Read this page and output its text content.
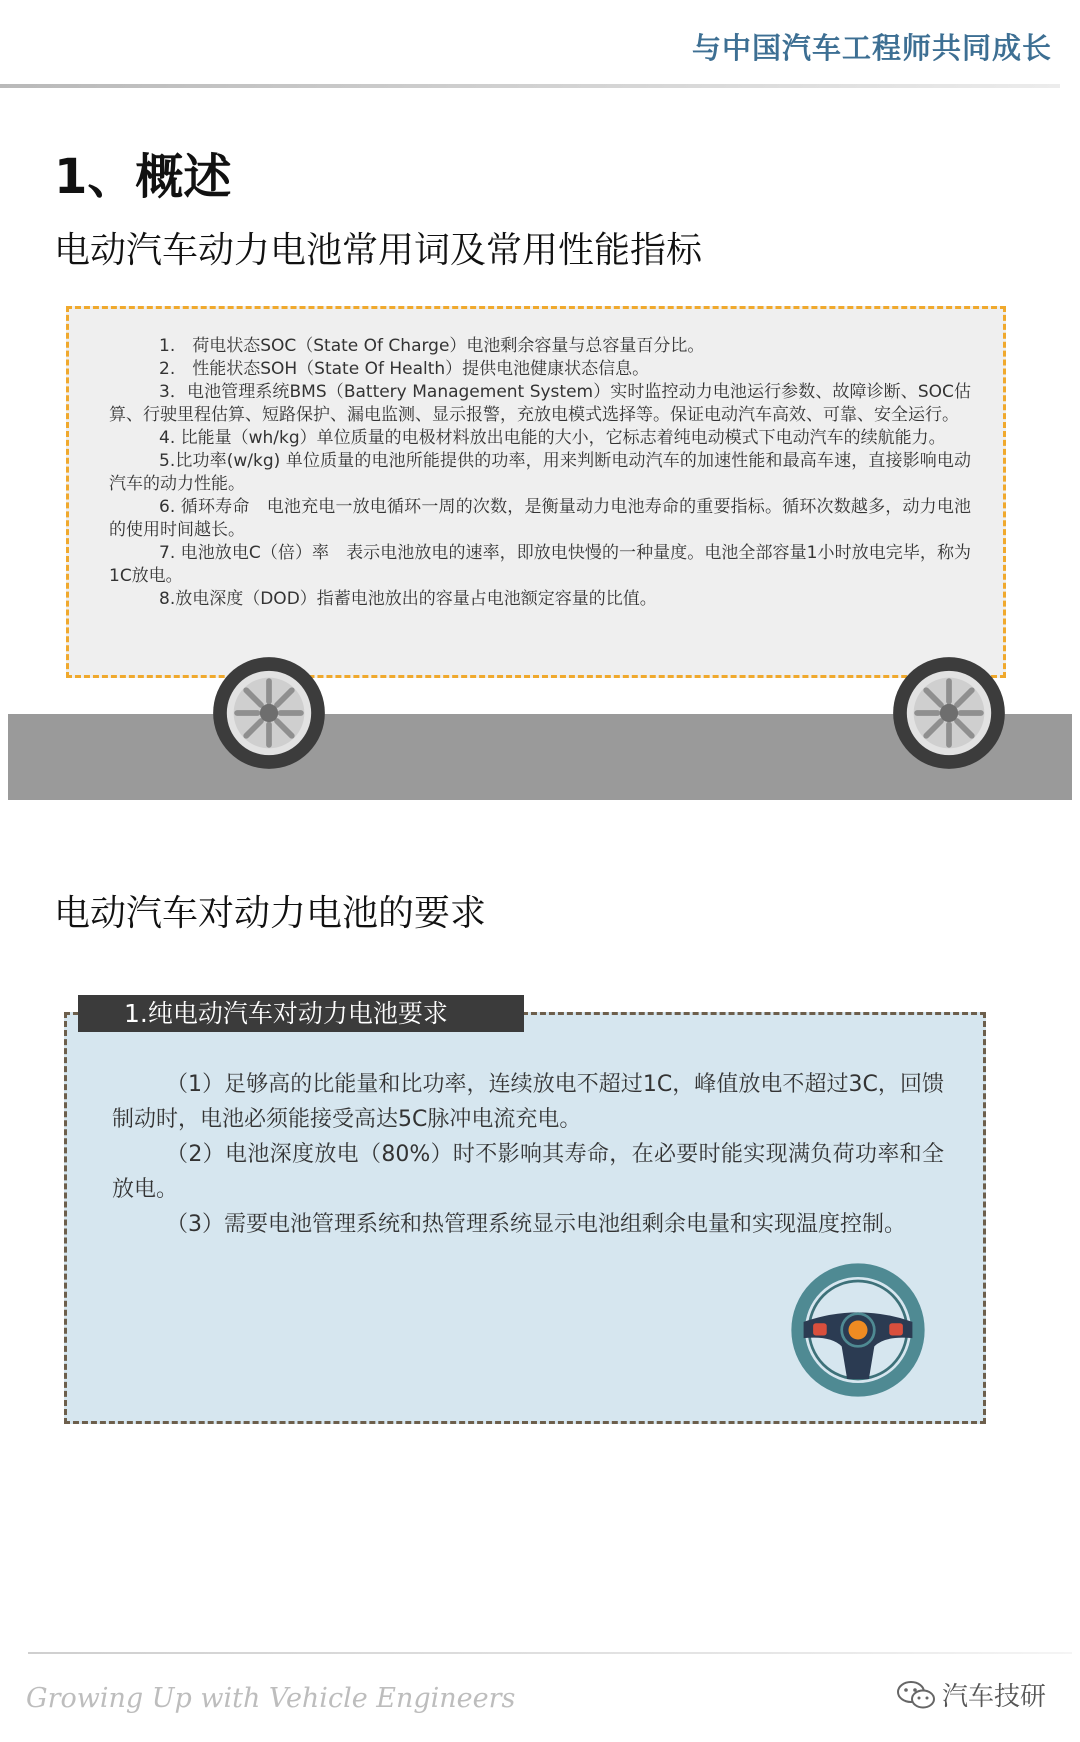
与中国汽车工程师共同成长
1、概述
电动汽车动力电池常用词及常用性能指标

1.　荷电状态SOC（State Of Charge）电池剩余容量与总容量百分比。

2.　性能状态SOH（State Of Health）提供电池健康状态信息。

3．电池管理系统BMS（Battery Management System）实时监控动力电池运行参数、故障诊断、SOC估算、行驶里程估算、短路保护、漏电监测、显示报警，充放电模式选择等。保证电动汽车高效、可靠、安全运行。

4. 比能量（wh/kg）单位质量的电极材料放出电能的大小，它标志着纯电动模式下电动汽车的续航能力。

5.比功率(w/kg) 单位质量的电池所能提供的功率，用来判断电动汽车的加速性能和最高车速，直接影响电动汽车的动力性能。

6. 循环寿命　电池充电一放电循环一周的次数，是衡量动力电池寿命的重要指标。循环次数越多，动力电池的使用时间越长。

7. 电池放电C（倍）率　表示电池放电的速率，即放电快慢的一种量度。电池全部容量1小时放电完毕，称为1C放电。

8.放电深度（DOD）指蓄电池放出的容量占电池额定容量的比值。

电动汽车对动力电池的要求

（1）足够高的比能量和比功率，连续放电不超过1C，峰值放电不超过3C，回馈制动时，电池必须能接受高达5C脉冲电流充电。

（2）电池深度放电（80%）时不影响其寿命，在必要时能实现满负荷功率和全放电。

（3）需要电池管理系统和热管理系统显示电池组剩余电量和实现温度控制。

1.纯电动汽车对动力电池要求
Growing Up with Vehicle Engineers	汽车技研
